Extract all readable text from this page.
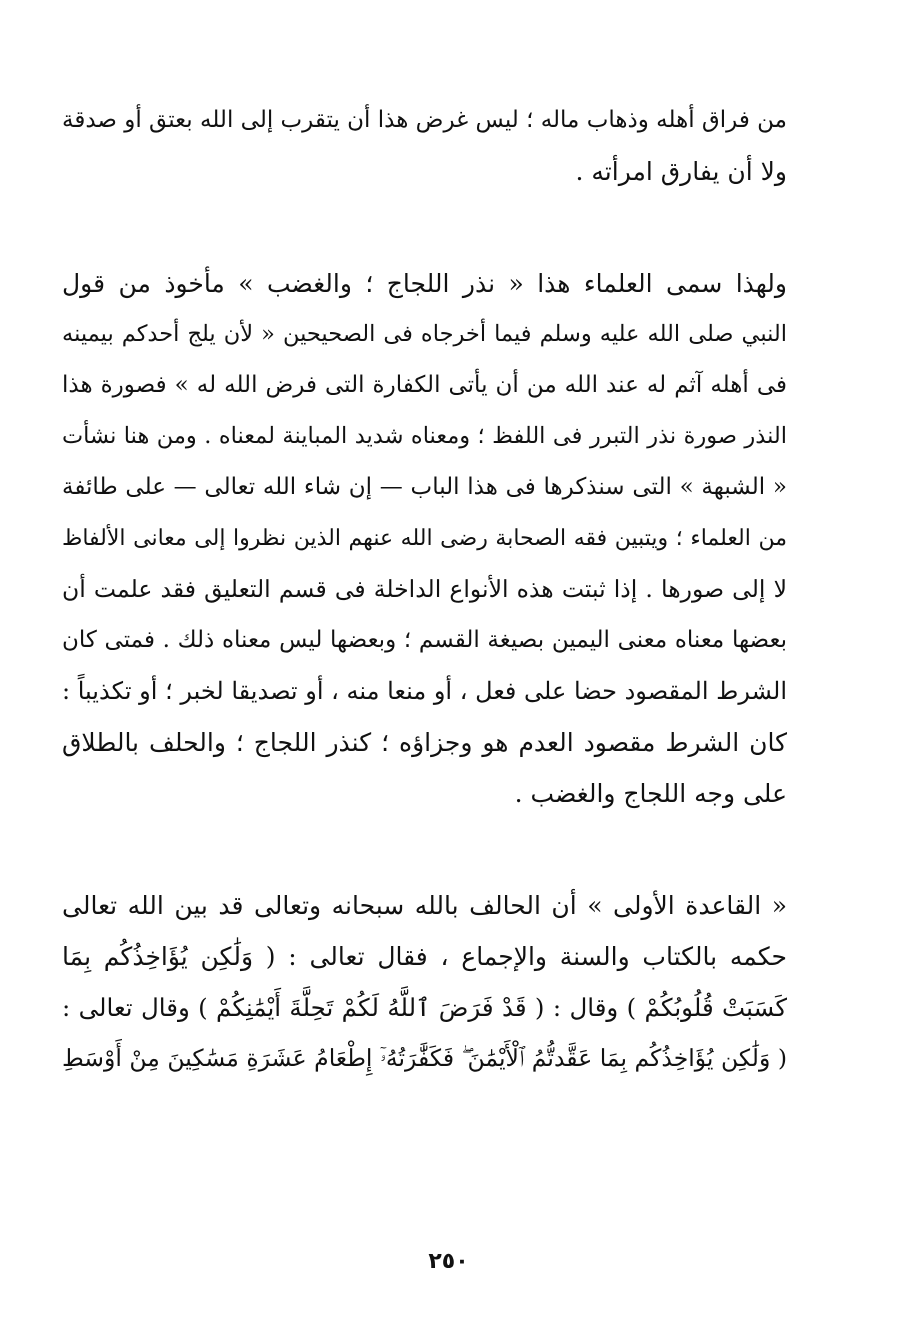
من فراق أهله وذهاب ماله ؛ ليس غرض هذا أن يتقرب إلى الله بعتق أو صدقة
ولا أن يفارق امرأته .
ولهذا سمى العلماء هذا « نذر اللجاج ؛ والغضب » مأخوذ من قول
النبي صلى الله عليه وسلم فيما أخرجاه فى الصحيحين « لأن يلج أحدكم بيمينه
فى أهله آثم له عند الله من أن يأتى الكفارة التى فرض الله له » فصورة هذا
النذر صورة نذر التبرر فى اللفظ ؛ ومعناه شديد المباينة لمعناه . ومن هنا نشأت
« الشبهة » التى سنذكرها فى هذا الباب — إن شاء الله تعالى — على طائفة
من العلماء ؛ ويتبين فقه الصحابة رضى الله عنهم الذين نظروا إلى معانى الألفاظ
لا إلى صورها . إذا ثبتت هذه الأنواع الداخلة فى قسم التعليق فقد علمت أن
بعضها معناه معنى اليمين بصيغة القسم ؛ وبعضها ليس معناه ذلك . فمتى كان
الشرط المقصود حضا على فعل ، أو منعا منه ، أو تصديقا لخبر ؛ أو تكذيباً :
كان الشرط مقصود العدم هو وجزاؤه ؛ كنذر اللجاج ؛ والحلف بالطلاق
على وجه اللجاج والغضب .
« القاعدة الأولى » أن الحالف بالله سبحانه وتعالى قد بين الله تعالى
حكمه بالكتاب والسنة والإجماع ، فقال تعالى : ( وَلَٰكِن يُؤَاخِذُكُم بِمَا
كَسَبَتْ قُلُوبُكُمْ ) وقال : ( قَدْ فَرَضَ ٱللَّهُ لَكُمْ تَحِلَّةَ أَيْمَٰنِكُمْ ) وقال تعالى :
( وَلَٰكِن يُؤَاخِذُكُم بِمَا عَقَّدتُّمُ ٱلْأَيْمَٰنَ ۖ فَكَفَّٰرَتُهُۥٓ إِطْعَامُ عَشَرَةِ مَسَٰكِينَ مِنْ أَوْسَطِ
٢٥٠
